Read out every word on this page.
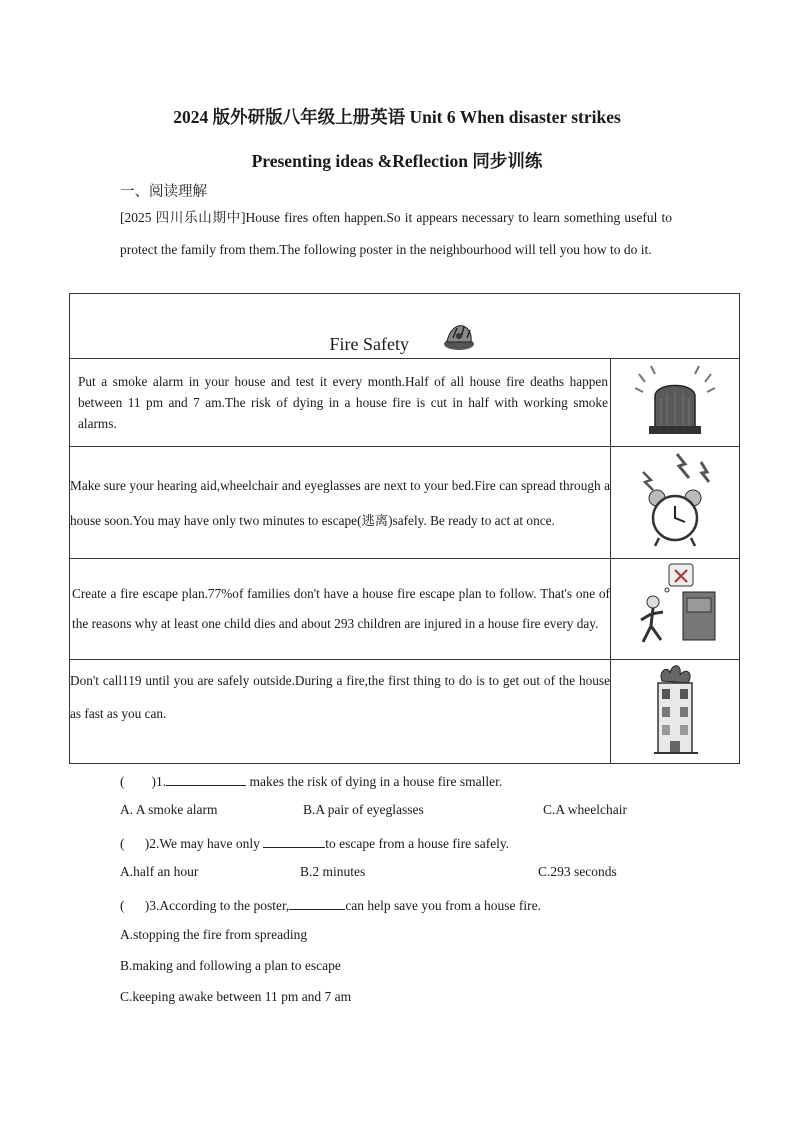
2024 版外研版八年级上册英语 Unit 6 When disaster strikes
Presenting ideas &Reflection 同步训练
一、阅读理解
[2025 四川乐山期中]House fires often happen.So it appears necessary to learn something useful to protect the family from them.The following poster in the neighbourhood will tell you how to do it.
Fire Safety	

Put a smoke alarm in your house and test it every month.Half of all house fire deaths happen between 11 pm and 7 am.The risk of dying in a house fire is cut in half with working smoke alarms.

Make sure your hearing aid,wheelchair and eyeglasses are next to your bed.Fire can spread through a house soon.You may have only two minutes to escape(逃离)safely. Be ready to act at once.

Create a fire escape plan.77%of families don't have a house fire escape plan to follow. That's one of the reasons why at least one child dies and about 293 children are injured in a house fire every day.

Don't call119 until you are safely outside.During a fire,the first thing to do is to get out of the house as fast as you can.

(        )1.	makes the risk of dying in a house fire smaller.
A. A smoke alarm	B.A pair of eyeglasses	C.A wheelchair
(      )2.We may have only	to escape from a house fire safely.
A.half an hour	B.2 minutes	C.293 seconds
(      )3.According to the poster,	can help save you from a house fire.
A.stopping the fire from spreading
B.making and following a plan to escape
C.keeping awake between 11 pm and 7 am
